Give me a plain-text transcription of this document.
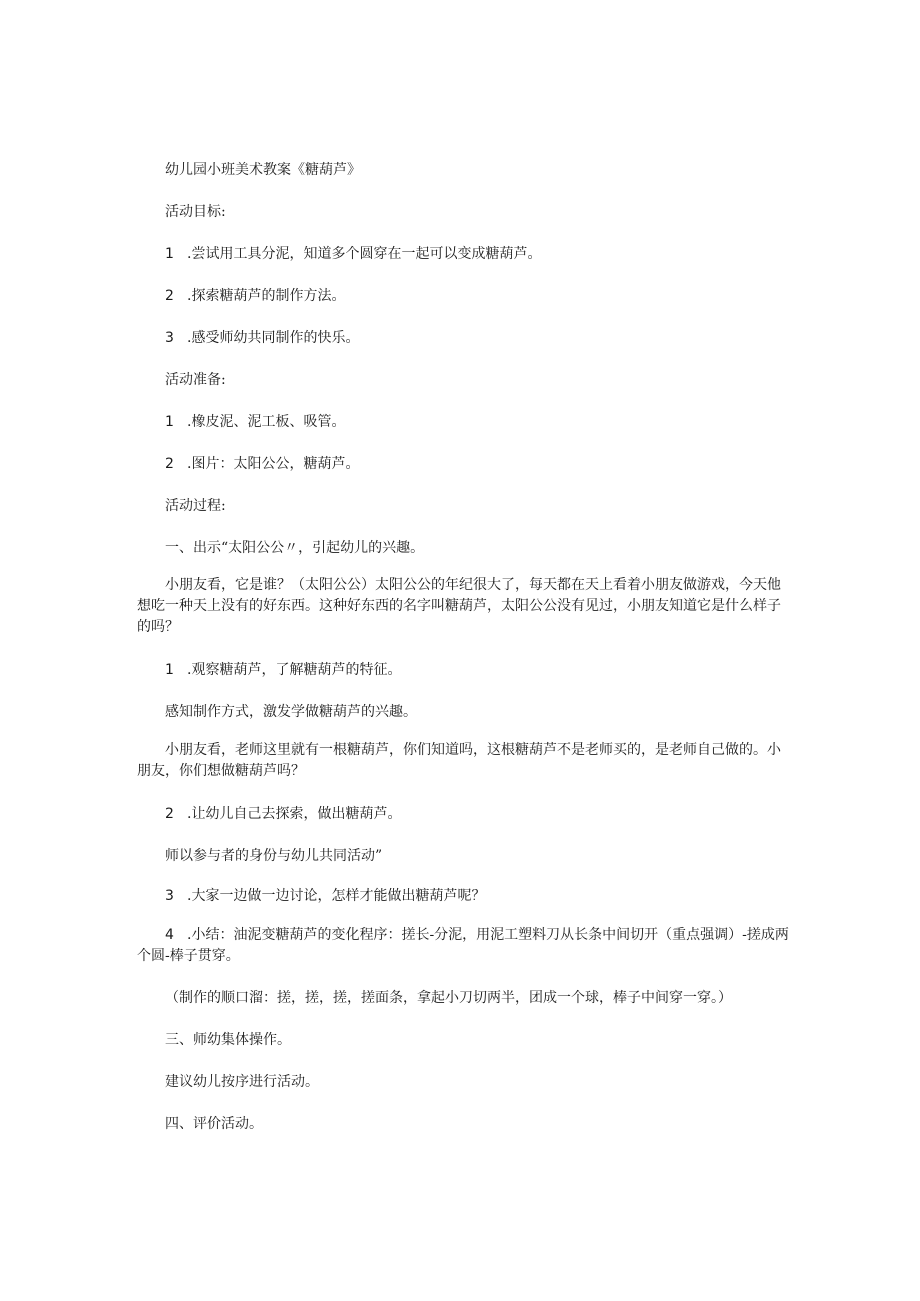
幼儿园小班美术教案《糖葫芦》
活动目标:
1 .尝试用工具分泥，知道多个圆穿在一起可以变成糖葫芦。
2 .探索糖葫芦的制作方法。
3 .感受师幼共同制作的快乐。
活动准备:
1 .橡皮泥、泥工板、吸管。
2 .图片：太阳公公，糖葫芦。
活动过程:
一、出示“太阳公公〃，引起幼儿的兴趣。
小朋友看，它是谁？（太阳公公）太阳公公的年纪很大了，每天都在天上看着小朋友做游戏，今天他想吃一种天上没有的好东西。这种好东西的名字叫糖葫芦，太阳公公没有见过，小朋友知道它是什么样子的吗？
1 .观察糖葫芦，了解糖葫芦的特征。
感知制作方式，激发学做糖葫芦的兴趣。
小朋友看，老师这里就有一根糖葫芦，你们知道吗，这根糖葫芦不是老师买的，是老师自己做的。小朋友，你们想做糖葫芦吗？
2 .让幼儿自己去探索，做出糖葫芦。
师以参与者的身份与幼儿共同活动”
3 .大家一边做一边讨论，怎样才能做出糖葫芦呢？
4 .小结：油泥变糖葫芦的变化程序：搓长-分泥，用泥工塑料刀从长条中间切开（重点强调）-搓成两个圆-棒子贯穿。
（制作的顺口溜：搓，搓，搓，搓面条，拿起小刀切两半，团成一个球，棒子中间穿一穿。）
三、师幼集体操作。
建议幼儿按序进行活动。
四、评价活动。
